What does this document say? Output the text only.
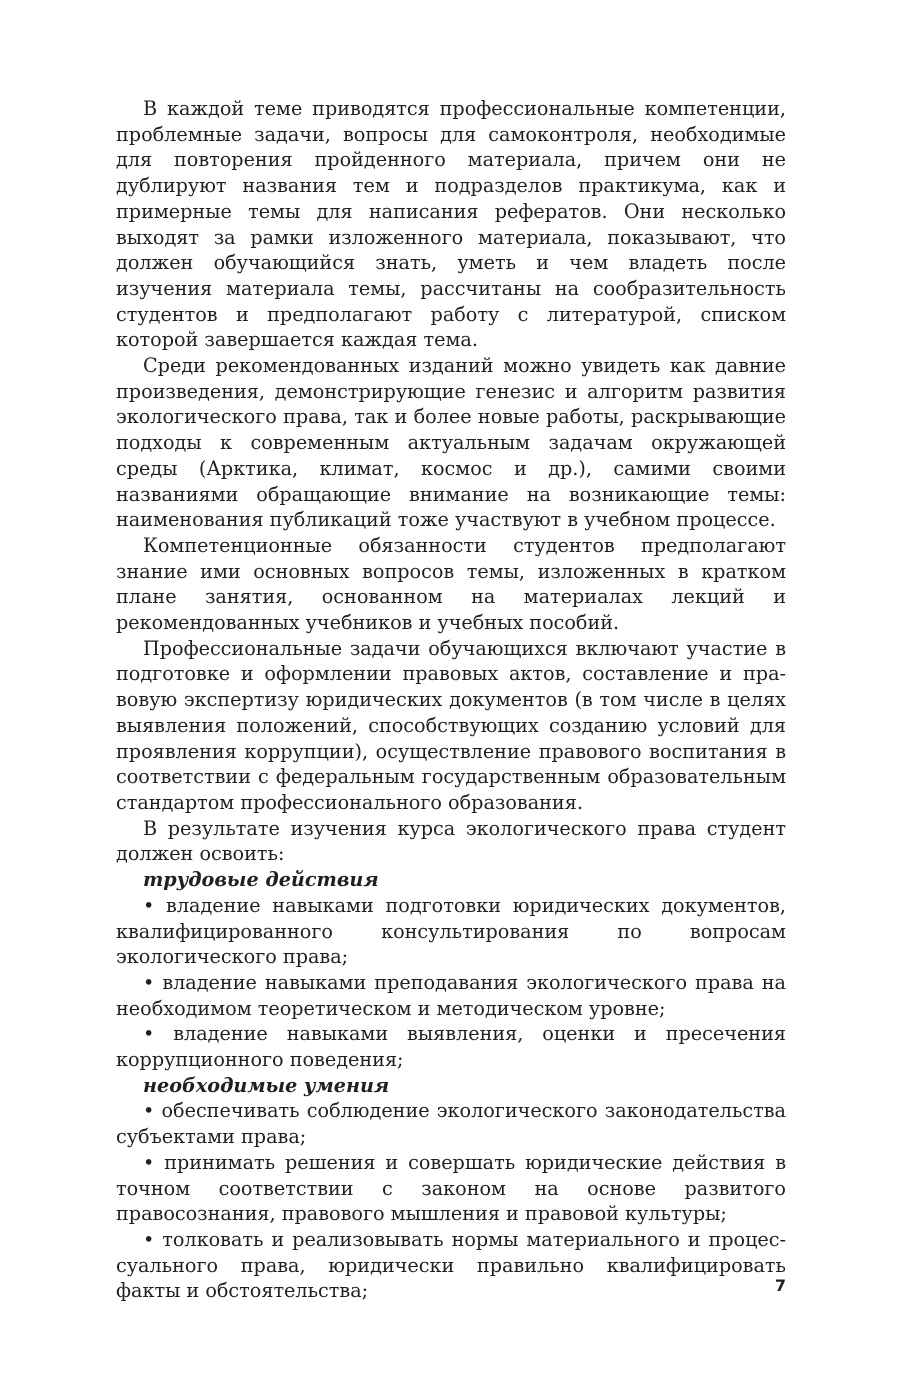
В каждой теме приводятся профессиональные компетенции, проблемные задачи, вопросы для самоконтроля, необходимые для повторения пройденного материала, причем они не дублируют названия тем и подразделов практикума, как и примерные темы для написания рефератов. Они несколько выходят за рамки изложенного материала, показывают, что должен обучающийся знать, уметь и чем владеть после изучения материала темы, рассчитаны на сообразительность студентов и предполагают работу с литературой, списком которой завершается каждая тема.

Среди рекомендованных изданий можно увидеть как давние произведения, демонстрирующие генезис и алгоритм развития экологического права, так и более новые работы, раскрывающие подходы к современным актуальным задачам окружающей среды (Арктика, климат, космос и др.), самими своими названиями обращающие внимание на возникающие темы: наименования публикаций тоже участвуют в учебном процессе.

Компетенционные обязанности студентов предполагают знание ими основных вопросов темы, изложенных в кратком плане занятия, основанном на материалах лекций и рекомендованных учебников и учебных пособий.

Профессиональные задачи обучающихся включают участие в подготовке и оформлении правовых актов, составление и правовую экспертизу юридических документов (в том числе в целях выявления положений, способствующих созданию условий для проявления коррупции), осуществление правового воспитания в соответствии с федеральным государственным образовательным стандартом профессионального образования.

В результате изучения курса экологического права студент должен освоить:

трудовые действия

• владение навыками подготовки юридических документов, квалифицированного консультирования по вопросам экологического права;

• владение навыками преподавания экологического права на необходимом теоретическом и методическом уровне;

• владение навыками выявления, оценки и пресечения коррупционного поведения;

необходимые умения

• обеспечивать соблюдение экологического законодательства субъектами права;

• принимать решения и совершать юридические действия в точном соответствии с законом на основе развитого правосознания, правового мышления и правовой культуры;

• толковать и реализовывать нормы материального и процессуального права, юридически правильно квалифицировать факты и обстоятельства;	7
